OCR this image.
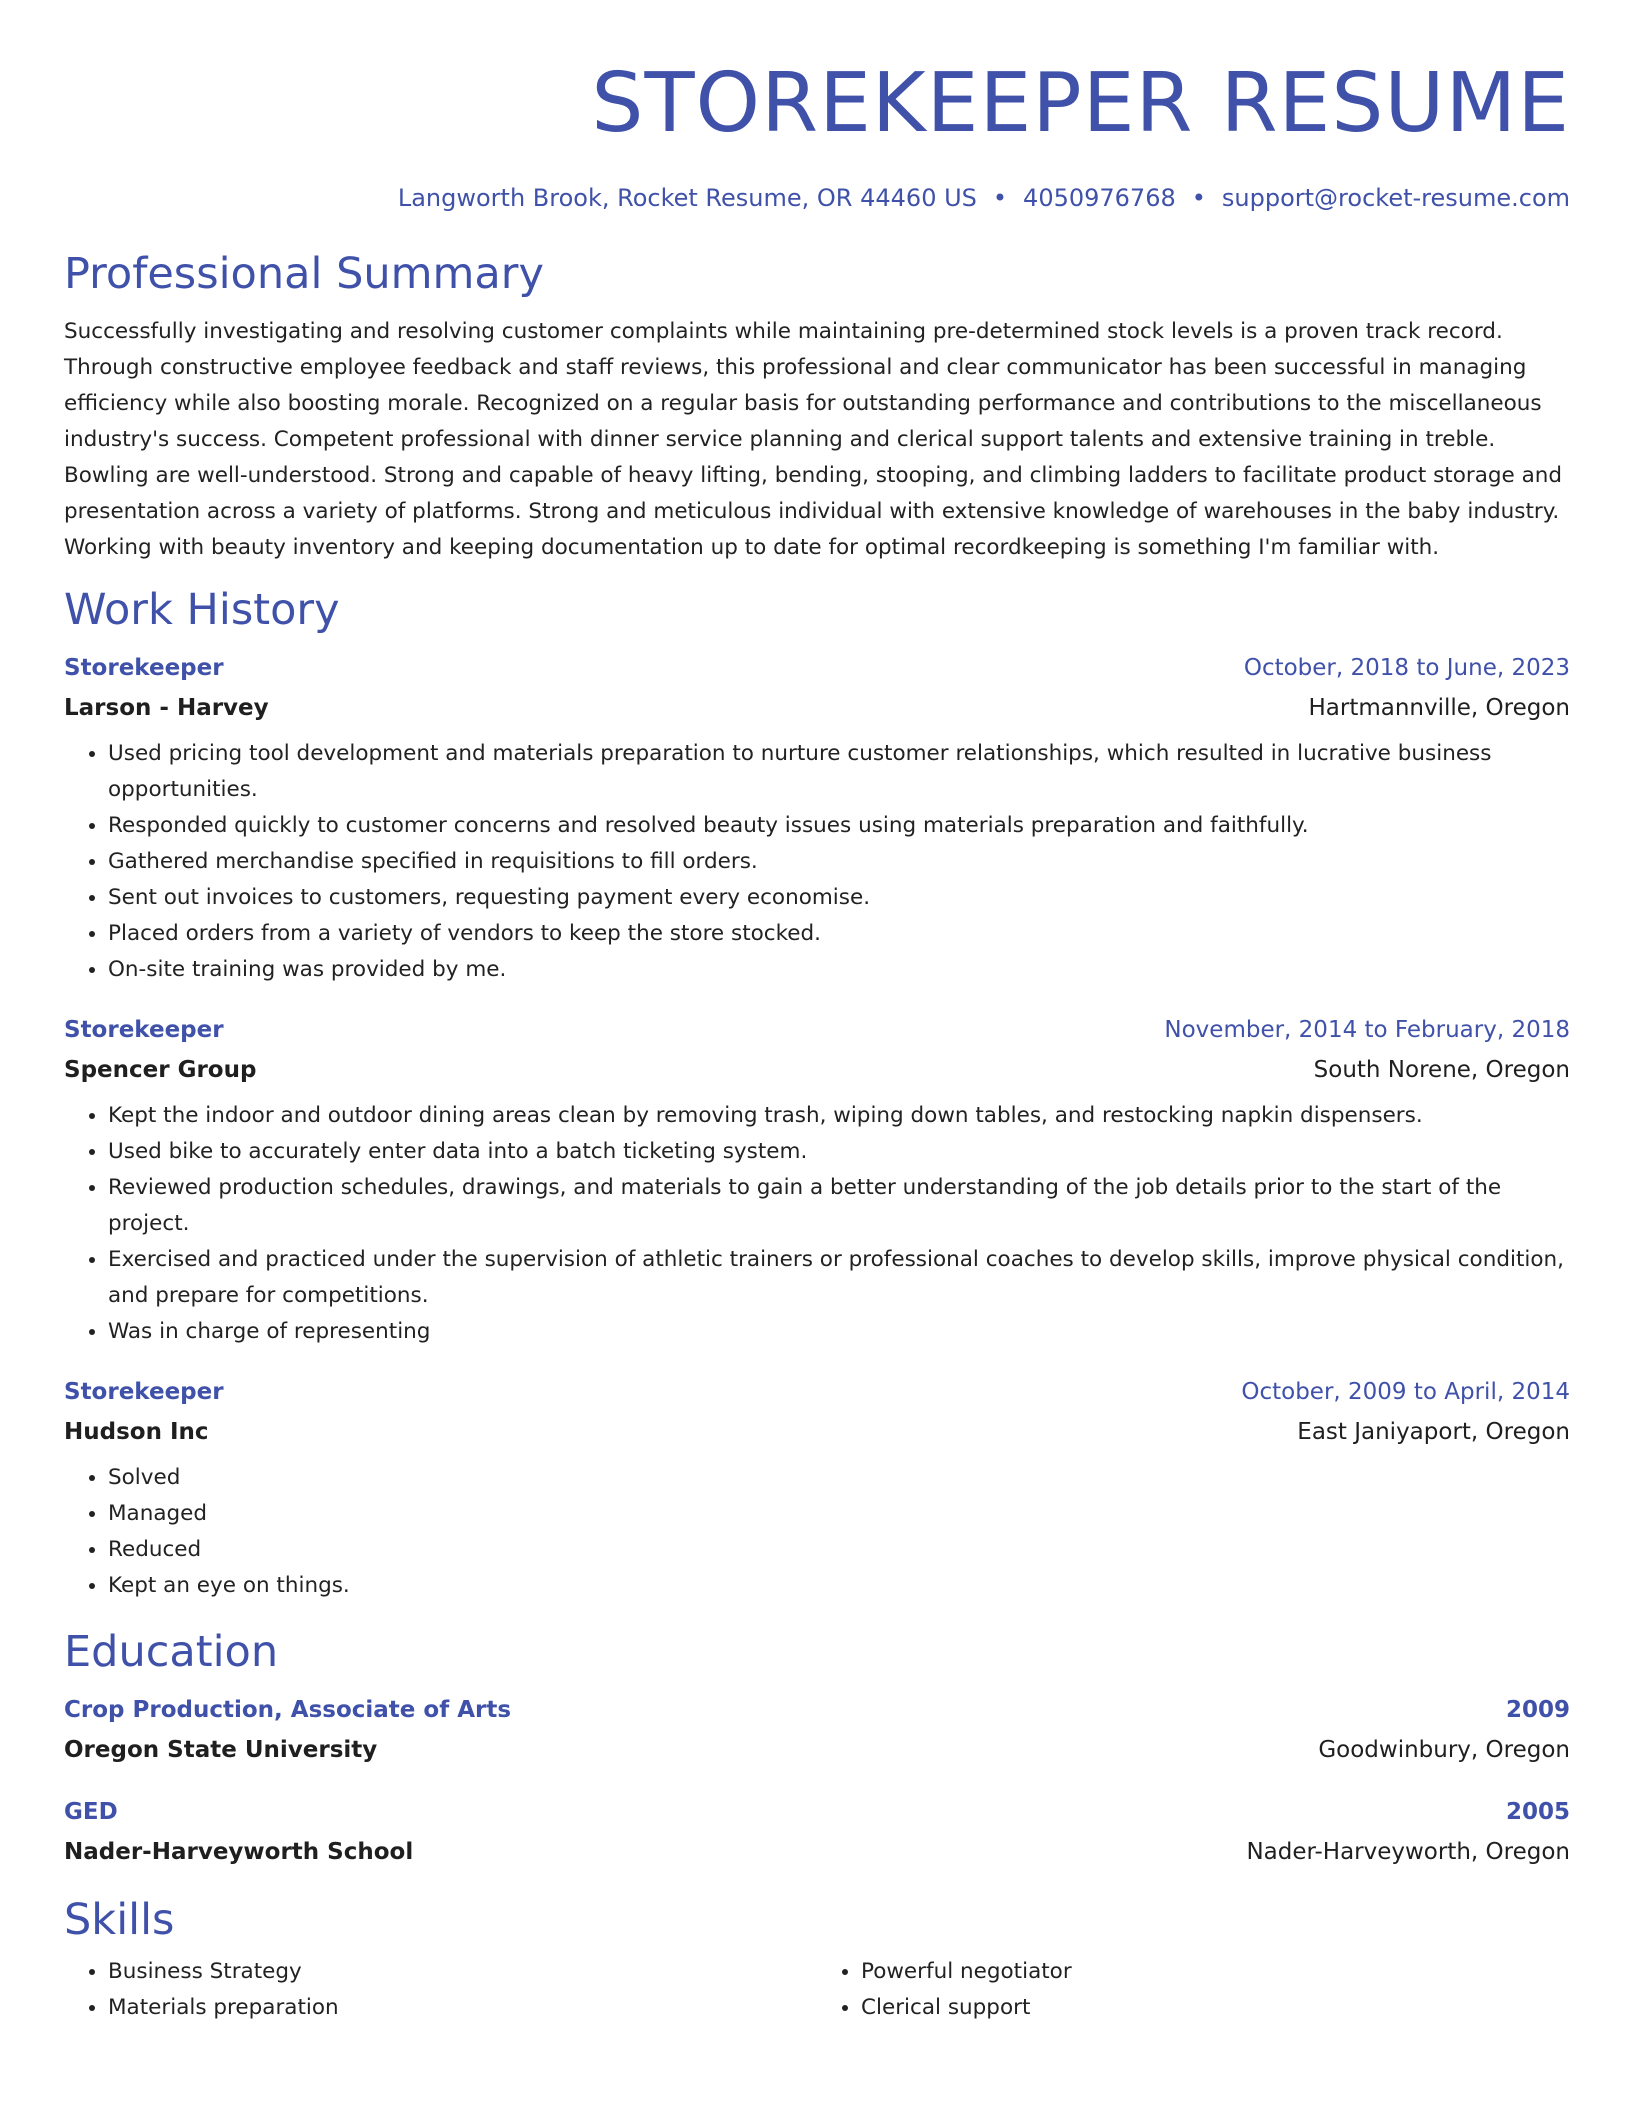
STOREKEEPER RESUME
Langworth Brook, Rocket Resume, OR 44460 US • 4050976768 • support@rocket-resume.com
Professional Summary
Successfully investigating and resolving customer complaints while maintaining pre-determined stock levels is a proven track record. Through constructive employee feedback and staff reviews, this professional and clear communicator has been successful in managing efficiency while also boosting morale. Recognized on a regular basis for outstanding performance and contributions to the miscellaneous industry's success. Competent professional with dinner service planning and clerical support talents and extensive training in treble. Bowling are well-understood. Strong and capable of heavy lifting, bending, stooping, and climbing ladders to facilitate product storage and presentation across a variety of platforms. Strong and meticulous individual with extensive knowledge of warehouses in the baby industry. Working with beauty inventory and keeping documentation up to date for optimal recordkeeping is something I'm familiar with.
Work History
Storekeeper	October, 2018 to June, 2023
Larson - Harvey	Hartmannville, Oregon
• Used pricing tool development and materials preparation to nurture customer relationships, which resulted in lucrative business opportunities.
• Responded quickly to customer concerns and resolved beauty issues using materials preparation and faithfully.
• Gathered merchandise specified in requisitions to fill orders.
• Sent out invoices to customers, requesting payment every economise.
• Placed orders from a variety of vendors to keep the store stocked.
• On-site training was provided by me.
Storekeeper	November, 2014 to February, 2018
Spencer Group	South Norene, Oregon
• Kept the indoor and outdoor dining areas clean by removing trash, wiping down tables, and restocking napkin dispensers.
• Used bike to accurately enter data into a batch ticketing system.
• Reviewed production schedules, drawings, and materials to gain a better understanding of the job details prior to the start of the project.
• Exercised and practiced under the supervision of athletic trainers or professional coaches to develop skills, improve physical condition, and prepare for competitions.
• Was in charge of representing
Storekeeper	October, 2009 to April, 2014
Hudson Inc	East Janiyaport, Oregon
• Solved
• Managed
• Reduced
• Kept an eye on things.
Education
Crop Production, Associate of Arts	2009
Oregon State University	Goodwinbury, Oregon
GED	2005
Nader-Harveyworth School	Nader-Harveyworth, Oregon
Skills
• Business Strategy
• Materials preparation
• Powerful negotiator
• Clerical support
